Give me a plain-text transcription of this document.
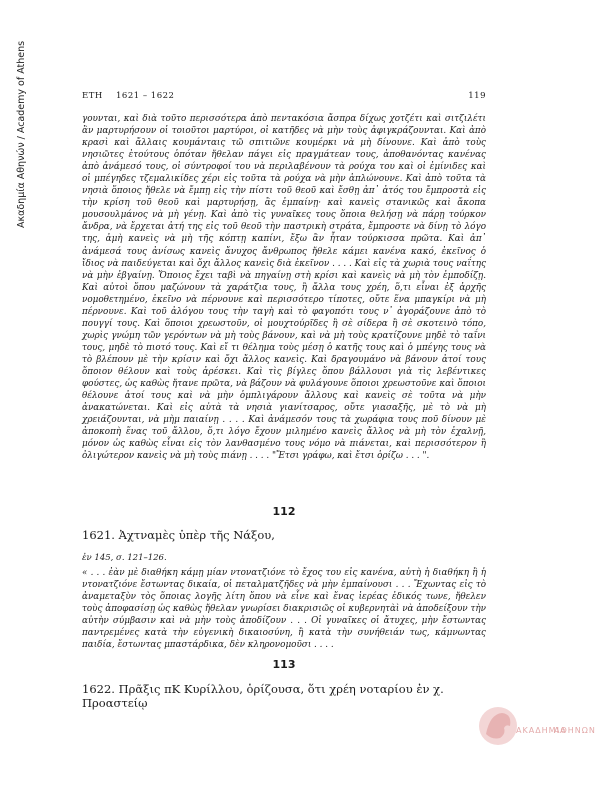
Ακαδημία Αθηνών / Academy of Athens	ΕΤΗ 1621 – 1622	119
γουνται, καὶ διὰ τοῦτο περισσότερα ἀπὸ πεντακόσια ἄσπρα δίχως χοτζέτι καὶ σιτζιλέτι ἂν μαρτυρήσουν οἱ τοιοῦτοι μαρτύροι, οἱ κατῆδες νὰ μὴν τοὺς ἀφιγκράζουνται. Καὶ ἀπὸ κρασὶ καὶ ἄλλαις κουμάνταις τῶ σπιτιῶνε κουμέρκι νὰ μὴ δίνουνε. Καὶ ἀπὸ τοὺς νησιῶτες ἐτούτους ὁπόταν ἤθελαν πάγει εἰς πραγμάτεαν τους, ἀποθανόντας κανένας ἀπὸ ἀνάμεσό τους, οἱ σύντροφοί του νὰ περιλαβένουν τὰ ρούχα του καὶ οἱ ἐμίνιδες καὶ οἱ μπέγηδες τζεμαλικίδες χέρι εἰς τοῦτα τὰ ρούχα νὰ μὴν ἁπλώνουνε. Καὶ ἀπὸ τοῦτα τὰ νησιὰ ὅποιος ἤθελε νὰ ἔμπῃ εἰς τὴν πίστι τοῦ θεοῦ καὶ ἔσθῃ ἀπ᾽ ἀτός του ἔμπροστὰ εἰς τὴν κρίση τοῦ θεοῦ καὶ μαρτυρήσῃ, ἂς ἐμπαίνῃ· καὶ κανεὶς στανικῶς καὶ ἄκοπα μουσουλμάνος νὰ μὴ γένῃ. Καὶ ἀπὸ τὶς γυναῖκες τους ὅποια θελήσῃ νὰ πάρῃ τούρκον ἄνδρα, νὰ ἔρχεται ἀτή της εἰς τοῦ θεοῦ τὴν παστρικὴ στράτα, ἔμπροστε νὰ δίνῃ τὸ λόγο της, ἀμὴ κανεὶς νὰ μὴ τῆς κόπτῃ καπίνι, ἔξω ἂν ἦταν τούρκισσα πρῶτα. Καὶ ἀπ᾽ ἀνάμεσά τους ἀνίσως κανεὶς ἄνυχος ἄνθρωπος ἤθελε κάμει κανένα κακό, ἐκεῖνος ὁ ἴδιος νὰ παιδεύγεται καὶ ὄχι ἄλλος κανεὶς διὰ ἐκεῖνον . . . . Καὶ εἰς τὰ χωριὰ τους ναΐτης νὰ μὴν ἐβγαίνῃ. Ὅποιος ἔχει ταβὶ νὰ πηγαίνῃ στὴ κρίσι καὶ κανεὶς νὰ μὴ τὸν ἐμποδίζῃ. Καὶ αὐτοὶ ὅπου μαζώνουν τὰ χαράτζια τους, ἢ ἄλλα τους χρέη, ὅ,τι εἶναι ἐξ ἀρχῆς νομοθετημένο, ἐκεῖνο νὰ πέρνουνε καὶ περισσότερο τίποτες, οὔτε ἕνα μπαγκίρι νὰ μὴ πέρνουνε. Καὶ τοῦ ἀλόγου τους τὴν ταγὴ καὶ τὸ φαγοπότι τους ν᾽ ἀγοράζουνε ἀπὸ τὸ πουγγί τους. Καὶ ὅποιοι χρεωστοῦν, οἱ μουχτούρῖδες ἢ σὲ σίδερα ἢ σὲ σκοτεινὸ τόπο, χωρὶς γνώμη τῶν γερόντων νὰ μὴ τοὺς βάνουν, καὶ νὰ μὴ τοὺς κρατίζουνε μηδὲ τὸ ταΐνι τους, μηδὲ τὸ πιοτό τους. Καὶ εἴ τι θέλημα τοὺς μέσῃ ὁ κατῆς τους καὶ ὁ μπέγης τους νὰ τὸ βλέπουν μὲ τὴν κρίσιν καὶ ὄχι ἄλλος κανεὶς. Καὶ δραγουμάνο νὰ βάνουν ἀτοί τους ὅποιον θέλουν καὶ τοὺς ἀρέσκει. Καὶ τὶς βίγλες ὅπου βάλλουσι γιὰ τὶς λεβέντικες φούστες, ὡς καθὼς ἤτανε πρῶτα, νὰ βάζουν νὰ φυλάγουνε ὅποιοι χρεωστοῦνε καὶ ὅποιοι θέλουνε ἀτοί τους καὶ νὰ μὴν ὁμπλιγάρουν ἄλλους καὶ κανεὶς σὲ τοῦτα νὰ μὴν ἀνακατώνεται. Καὶ εἰς αὐτὰ τὰ νησιὰ γιανίτσαρος, οὔτε γιασαξῆς, μὲ τὸ νὰ μὴ χρειάζουνται, νὰ μὴμ παιαίνῃ . . . . Καὶ ἀνάμεσόν τους τὰ χωράφια τους ποῦ δίνουν μὲ ἀποκοπὴ ἕνας τοῦ ἄλλου, ὅ,τι λόγο ἔχουν μιλημένο κανεὶς ἄλλος νὰ μὴ τὸν ἐχαλνῇ, μόνον ὡς καθὼς εἶναι εἰς τὸν λανθασμένο τους νόμο νὰ πιάνεται, καὶ περισσότερον ἢ ὀλιγώτερον κανεὶς νὰ μὴ τοὺς πιάνῃ . . . . "Ἔτσι γράφω, καὶ ἔτσι ὁρίζω . . . ".
112
1621. Ἀχτναμὲς ὑπὲρ τῆς Νάξου,
ἐν 145, σ. 121–126.
« . . . ἐὰν μὲ διαθήκη κάμῃ μίαν ντονατζιόνε τὸ ἔχος του εἰς κανένα, αὐτὴ ἡ διαθήκη ἢ ἡ ντονατζιόνε ἔστωντας δικαία, οἱ πεταλματζῆδες νὰ μὴν ἐμπαίνουσι . . . Ἔχωντας εἰς τὸ ἀναμεταξὺν τὸς ὅποιας λογῆς λίτη ὅπου νὰ εἶνε καὶ ἕνας ἱερέας ἐδικός τωνε, ἤθελεν τοὺς ἀποφασίσῃ ὡς καθὼς ἤθελαν γνωρίσει διακρισιῶς οἱ κυβερνητὰὶ νὰ ἀποδείξουν τὴν αὐτὴν σύμβασιν καὶ νὰ μὴν τοὺς ἀποδίζουν . . . Οἱ γυναῖκες οἱ ἄτυχες, μὴν ἔστωντας παντρεμένες κατὰ τὴν εὐγενικὴ δικαιοσύνη, ἢ κατὰ τὴν συνήθειάν τως, κάμνωντας παιδία, ἔστωντας μπαστάρδικα, δὲν κληρονομοῦσι . . . .
113
1622. Πρᾶξις πΚ Κυρίλλου, ὁρίζουσα, ὅτι χρέη νοταρίου ἐν χ. Προαστείῳ
ΑΚΑΔΗΜΙΑ
ΑΘΗΝΩΝ
